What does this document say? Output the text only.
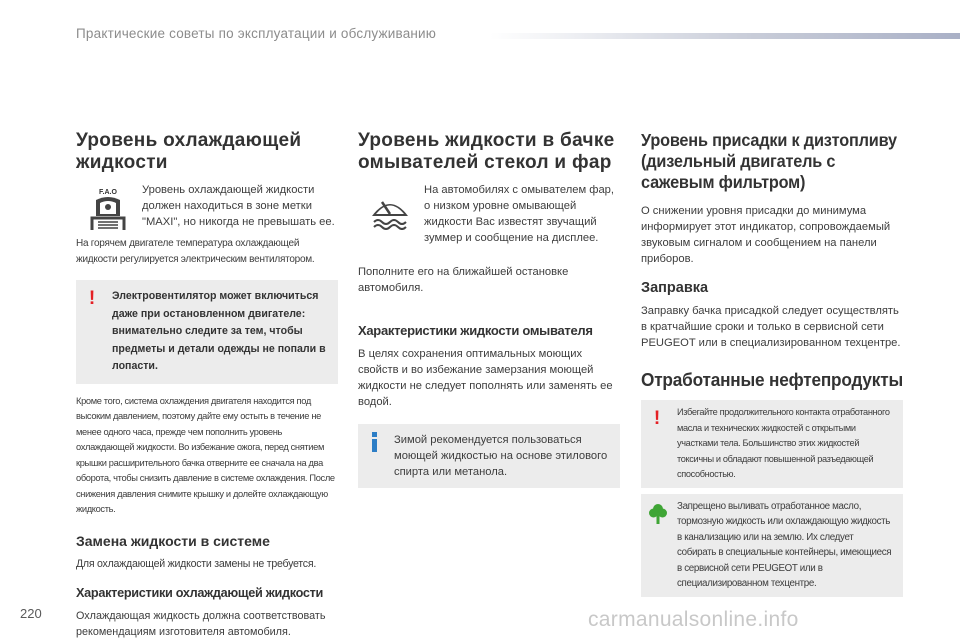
Практические советы по эксплуатации и обслуживанию
Уровень охлаждающей жидкости
F.A.O Уровень охлаждающей жидкости должен находиться в зоне метки "MAXI", но никогда не превышать ее.
На горячем двигателе температура охлаждающей жидкости регулируется электрическим вентилятором.
! Электровентилятор может включиться даже при остановленном двигателе: внимательно следите за тем, чтобы предметы и детали одежды не попали в лопасти.
Кроме того, система охлаждения двигателя находится под высоким давлением, поэтому дайте ему остыть в течение не менее одного часа, прежде чем пополнить уровень охлаждающей жидкости. Во избежание ожога, перед снятием крышки расширительного бачка отверните ее сначала на два оборота, чтобы снизить давление в системе охлаждения. После снижения давления снимите крышку и долейте охлаждающую жидкость.
Замена жидкости в системе
Для охлаждающей жидкости замены не требуется.
Характеристики охлаждающей жидкости
Охлаждающая жидкость должна соответствовать рекомендациям изготовителя автомобиля.
Уровень жидкости в бачке омывателей стекол и фар
На автомобилях с омывателем фар, о низком уровне омывающей жидкости Вас известят звучащий зуммер и сообщение на дисплее.
Пополните его на ближайшей остановке автомобиля.
Характеристики жидкости омывателя
В целях сохранения оптимальных моющих свойств и во избежание замерзания моющей жидкости не следует пополнять или заменять ее водой.
Зимой рекомендуется пользоваться моющей жидкостью на основе этилового спирта или метанола.
Уровень присадки к дизтопливу (дизельный двигатель с сажевым фильтром)
О снижении уровня присадки до минимума информирует этот индикатор, сопровождаемый звуковым сигналом и сообщением на панели приборов.
Заправка
Заправку бачка присадкой следует осуществлять в кратчайшие сроки и только в сервисной сети PEUGEOT или в специализированном техцентре.
Отработанные нефтепродукты
!	Избегайте продолжительного контакта отработанного масла и технических жидкостей с открытыми участками тела. Большинство этих жидкостей токсичны и обладают повышенной разъедающей способностью.
Запрещено выливать отработанное масло, тормозную жидкость или охлаждающую жидкость в канализацию или на землю. Их следует собирать в специальные контейнеры, имеющиеся в сервисной сети PEUGEOT или в специализированном техцентре.
220	carmanualsonline.info
